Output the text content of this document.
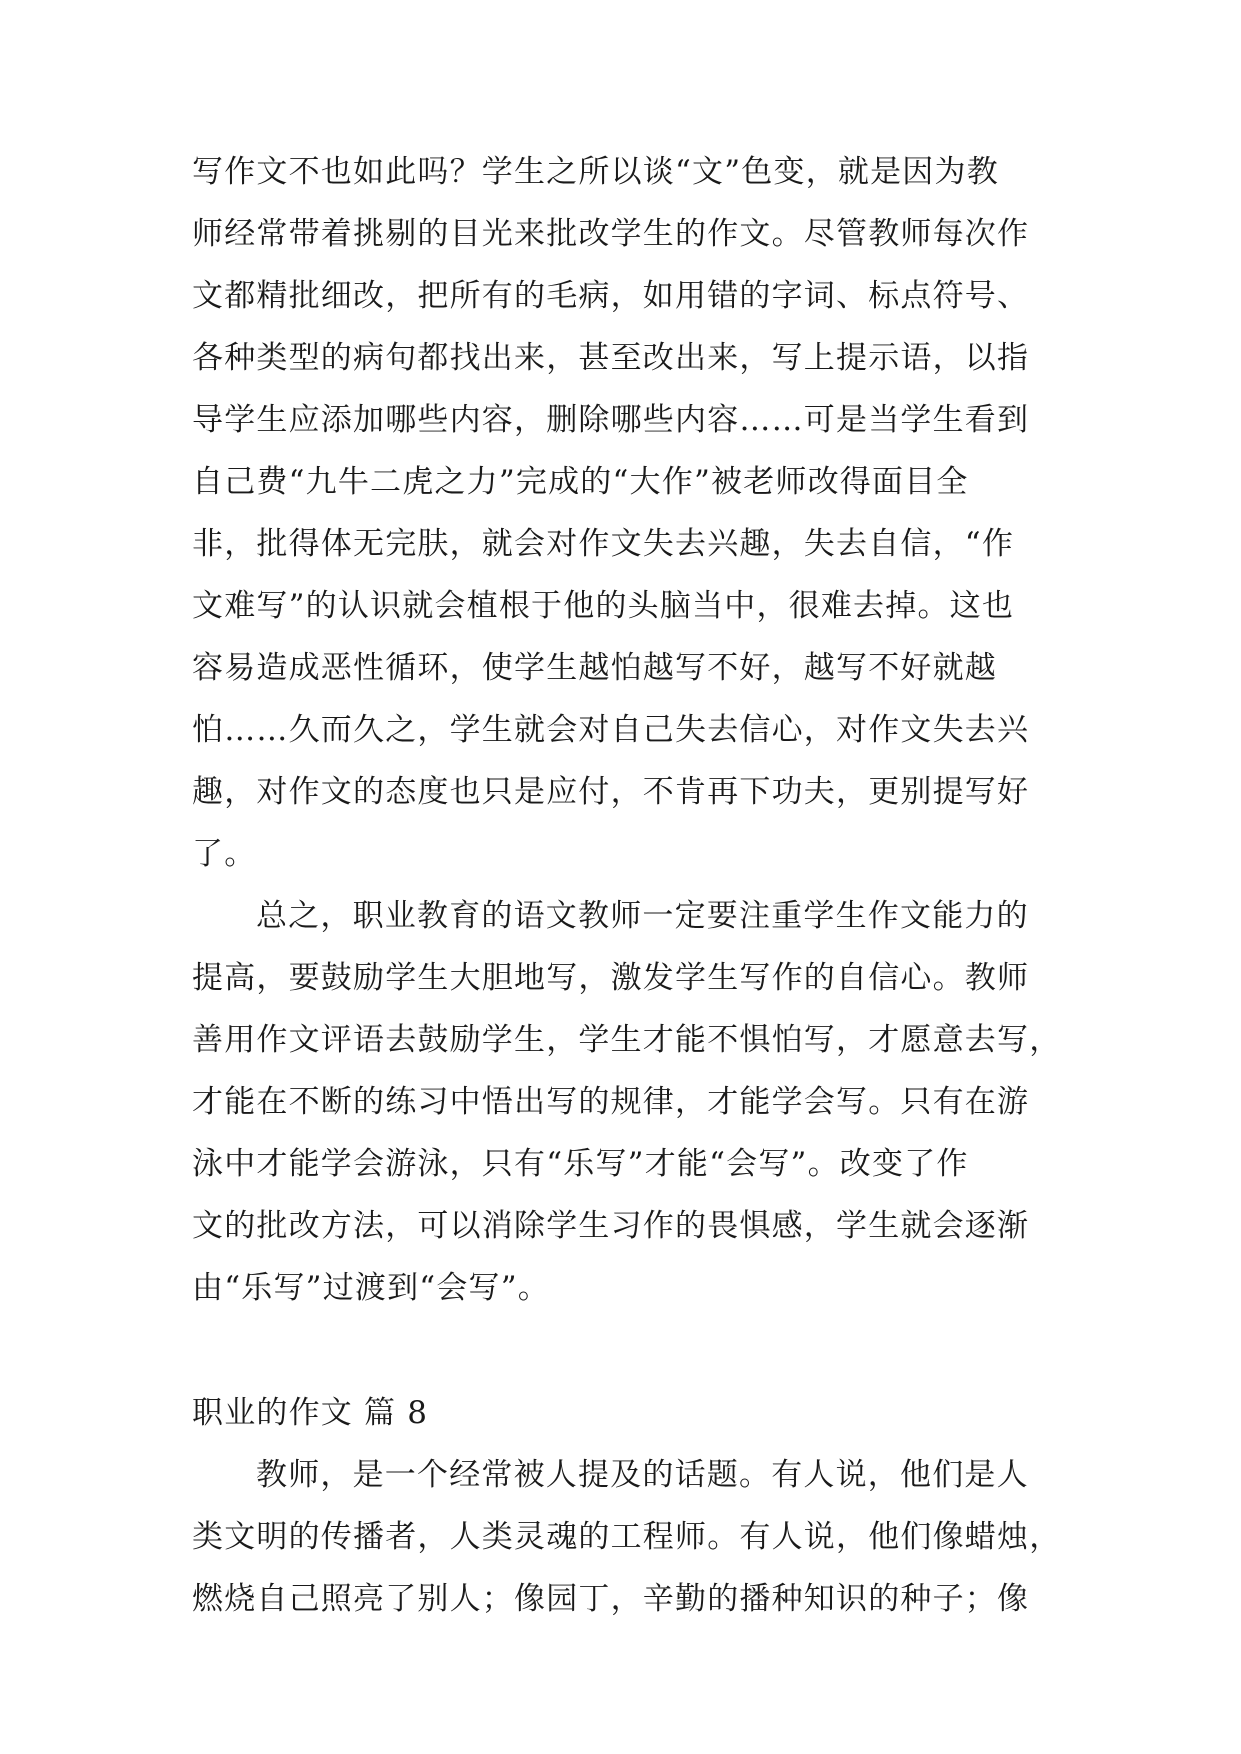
写作文不也如此吗？学生之所以谈“文”色变，就是因为教
师经常带着挑剔的目光来批改学生的作文。尽管教师每次作
文都精批细改，把所有的毛病，如用错的字词、标点符号、
各种类型的病句都找出来，甚至改出来，写上提示语，以指
导学生应添加哪些内容，删除哪些内容……可是当学生看到
自己费“九牛二虎之力”完成的“大作”被老师改得面目全
非，批得体无完肤，就会对作文失去兴趣，失去自信，“作
文难写”的认识就会植根于他的头脑当中，很难去掉。这也
容易造成恶性循环，使学生越怕越写不好，越写不好就越
怕……久而久之，学生就会对自己失去信心，对作文失去兴
趣，对作文的态度也只是应付，不肯再下功夫，更别提写好
了。
总之，职业教育的语文教师一定要注重学生作文能力的
提高，要鼓励学生大胆地写，激发学生写作的自信心。教师
善用作文评语去鼓励学生，学生才能不惧怕写，才愿意去写，
才能在不断的练习中悟出写的规律，才能学会写。只有在游
泳中才能学会游泳，只有“乐写”才能“会写”。改变了作
文的批改方法，可以消除学生习作的畏惧感，学生就会逐渐
由“乐写”过渡到“会写”。
职业的作文 篇 8
教师，是一个经常被人提及的话题。有人说，他们是人
类文明的传播者，人类灵魂的工程师。有人说，他们像蜡烛，
燃烧自己照亮了别人；像园丁，辛勤的播种知识的种子；像
